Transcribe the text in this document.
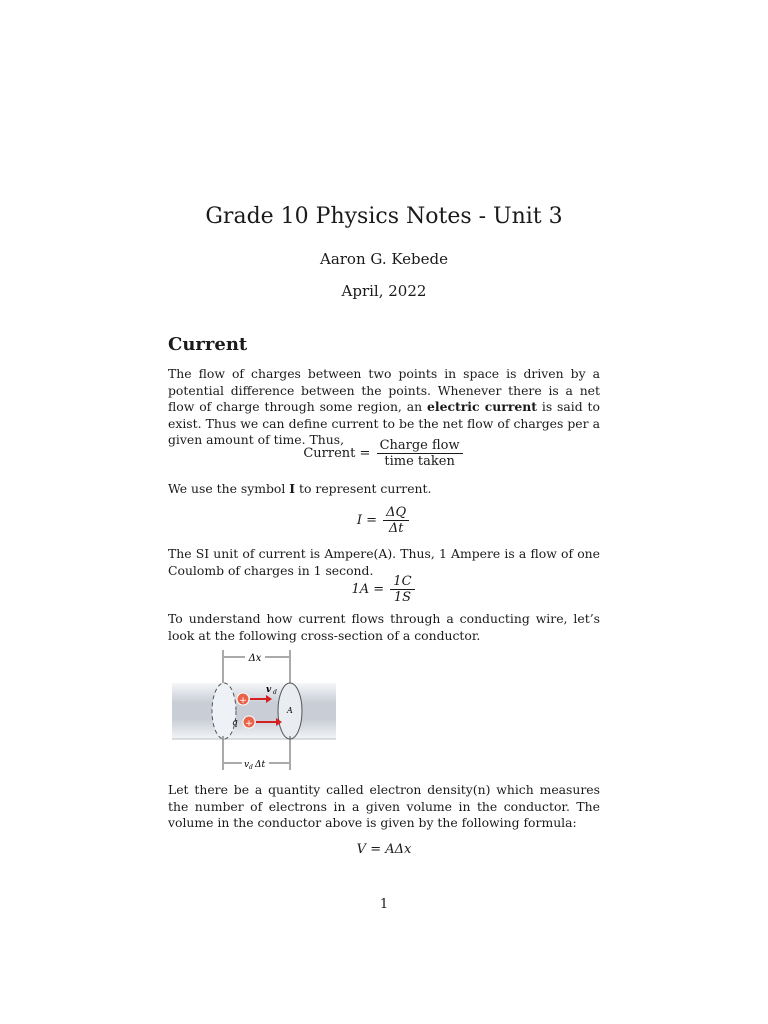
Grade 10 Physics Notes - Unit 3
Aaron G. Kebede
April, 2022
Current
The flow of charges between two points in space is driven by a potential difference between the points. Whenever there is a net flow of charge through some region, an electric current is said to exist. Thus we can define current to be the net flow of charges per a given amount of time. Thus,
Current = $\frac{\text{Charge flow}}{\text{time taken}}$
We use the symbol I to represent current.
$I = \frac{\Delta Q}{\Delta t}$
The SI unit of current is Ampere(A). Thus, 1 Ampere is a flow of one Coulomb of charges in 1 second.
$1A = \frac{1C}{1S}$
To understand how current flows through a conducting wire, let’s look at the following cross-section of a conductor.
Δx
+
v d
q +
A
v d Δt
Let there be a quantity called electron density(n) which measures the number of electrons in a given volume in the conductor. The volume in the conductor above is given by the following formula:
V = AΔx
1
